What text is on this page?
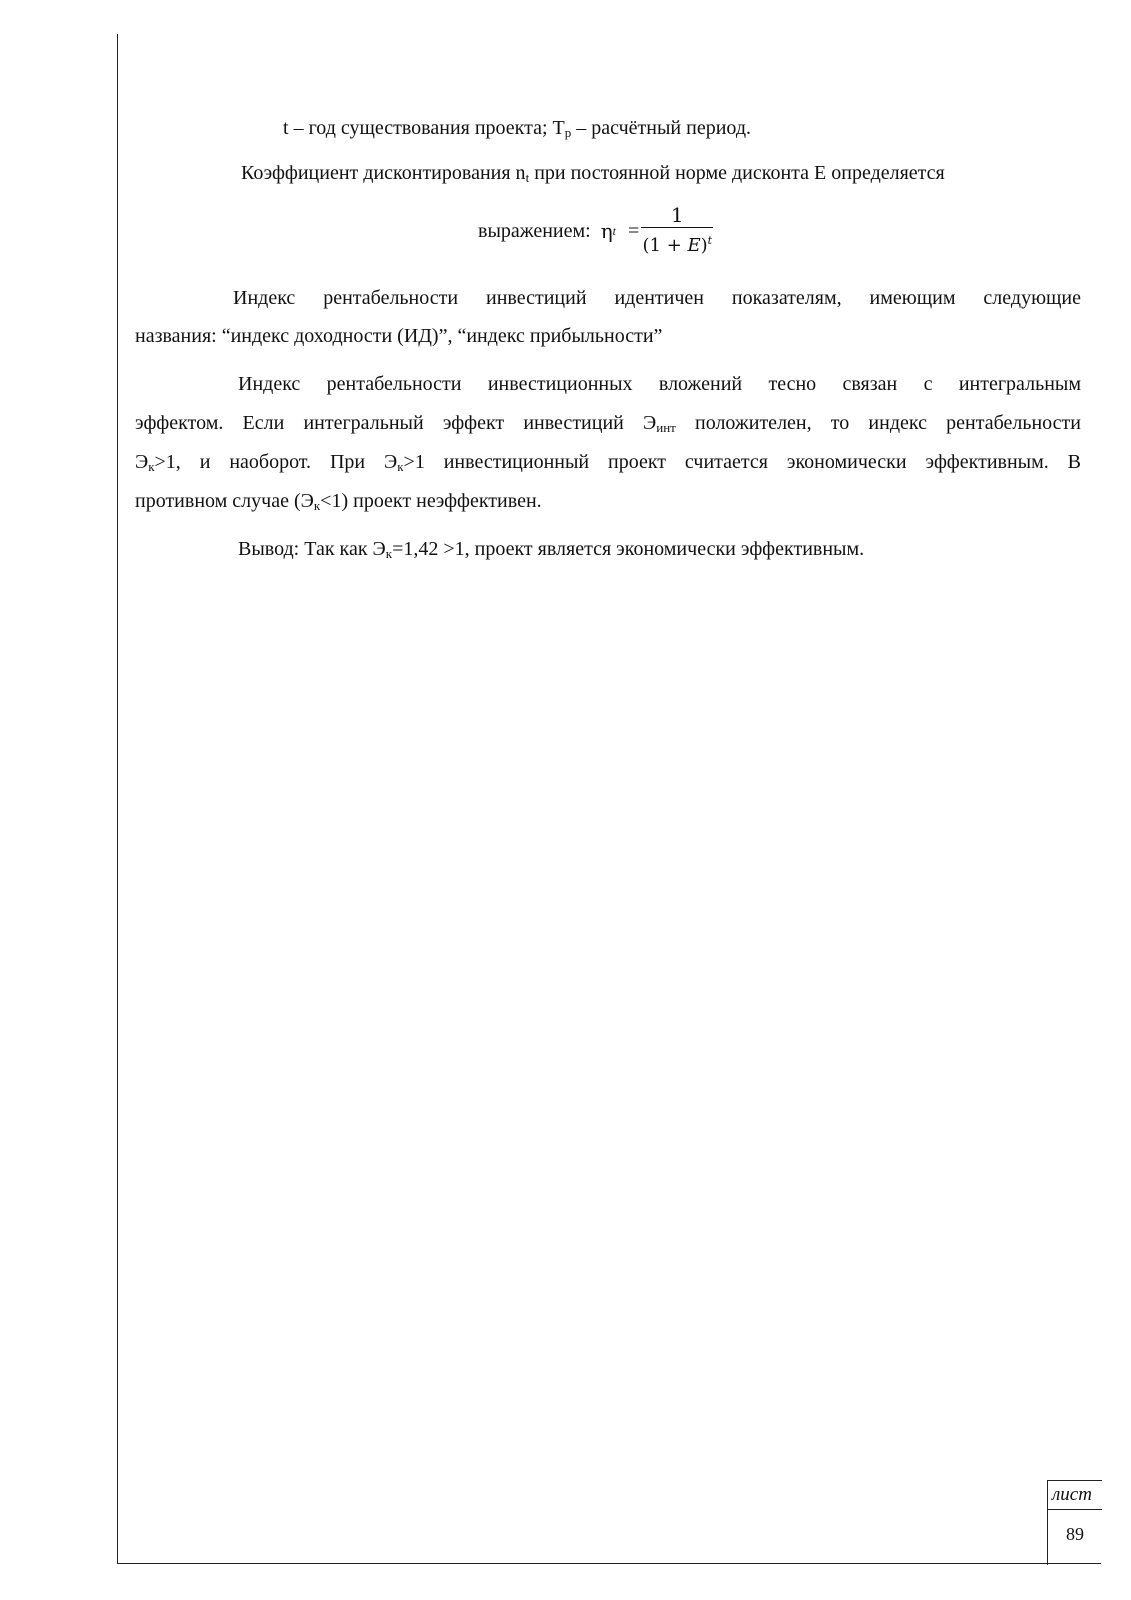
t – год существования проекта; $Т_р$ – расчётный период.
Коэффициент дисконтирования $n_t$ при постоянной норме дисконта Е определяется
выражением: η $t = \frac{1}{(1 + E)^t}$
Индекс рентабельности инвестиций идентичен показателям, имеющим следующие
названия: “индекс доходности (ИД)”, “индекс прибыльности”
Индекс рентабельности инвестиционных вложений тесно связан с интегральным
эффектом. Если интегральный эффект инвестиций $Э_{инт}$ положителен, то индекс рентабельности
$Э_к>1$, и наоборот. При $Э_к>1$ инвестиционный проект считается экономически эффективным. В
противном случае $(Э_к<1)$ проект неэффективен.
Вывод: Так как $Э_к=1,42 >1$, проект является экономически эффективным.
лист
89
